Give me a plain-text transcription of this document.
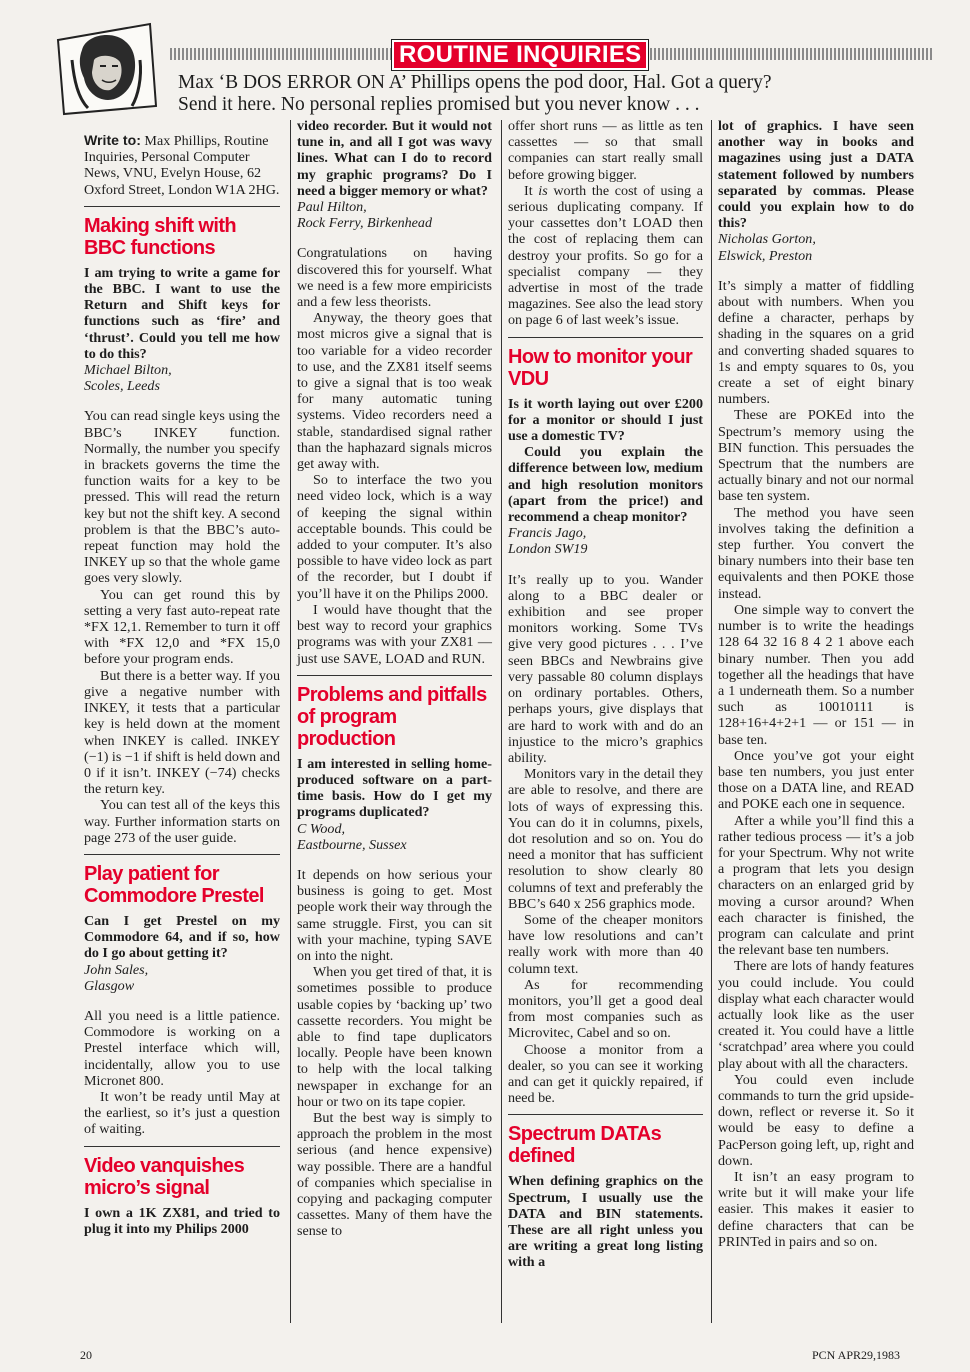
ROUTINE INQUIRIES
Max ‘B DOS ERROR ON A’ Phillips opens the pod door, Hal. Got a query?
Send it here. No personal replies promised but you never know . . .

Write to: Max Phillips, Routine Inquiries, Personal Computer News, VNU, Evelyn House, 62 Oxford Street, London W1A 2HG.

Making shift with BBC functions

I am trying to write a game for the BBC. I want to use the Return and Shift keys for functions such as ‘fire’ and ‘thrust’. Could you tell me how to do this?

Michael Bilton,

Scoles, Leeds

You can read single keys using the BBC’s INKEY function. Normally, the number you specify in brackets governs the time the function waits for a key to be pressed. This will read the return key but not the shift key. A second problem is that the BBC’s auto-repeat function may hold the INKEY up so that the whole game goes very slowly.

You can get round this by setting a very fast auto-repeat rate *FX 12,1. Remember to turn it off with *FX 12,0 and *FX 15,0 before your program ends.

But there is a better way. If you give a negative number with INKEY, it tests that a particular key is held down at the moment when INKEY is called. INKEY (−1) is −1 if shift is held down and 0 if it isn’t. INKEY (−74) checks the return key.

You can test all of the keys this way. Further information starts on page 273 of the user guide.

Play patient for Commodore Prestel

Can I get Prestel on my Commodore 64, and if so, how do I go about getting it?

John Sales,

Glasgow

All you need is a little patience. Commodore is working on a Prestel interface which will, incidentally, allow you to use Micronet 800.

It won’t be ready until May at the earliest, so it’s just a question of waiting.

Video vanquishes micro’s signal

I own a 1K ZX81, and tried to plug it into my Philips 2000

video recorder. But it would not tune in, and all I got was wavy lines. What can I do to record my graphic programs? Do I need a bigger memory or what?

Paul Hilton,

Rock Ferry, Birkenhead

Congratulations on having discovered this for yourself. What we need is a few more empiricists and a few less theorists.

Anyway, the theory goes that most micros give a signal that is too variable for a video recorder to use, and the ZX81 itself seems to give a signal that is too weak for many automatic tuning systems. Video recorders need a stable, standardised signal rather than the haphazard signals micros get away with.

So to interface the two you need video lock, which is a way of keeping the signal within acceptable bounds. This could be added to your computer. It’s also possible to have video lock as part of the recorder, but I doubt if you’ll have it on the Philips 2000.

I would have thought that the best way to record your graphics programs was with your ZX81 — just use SAVE, LOAD and RUN.

Problems and pitfalls of program production

I am interested in selling home-produced software on a part-time basis. How do I get my programs duplicated?

C Wood,

Eastbourne, Sussex

It depends on how serious your business is going to get. Most people work their way through the same struggle. First, you can sit with your machine, typing SAVE on into the night.

When you get tired of that, it is sometimes possible to produce usable copies by ‘backing up’ two cassette recorders. You might be able to find tape duplicators locally. People have been known to help with the local talking newspaper in exchange for an hour or two on its tape copier.

But the best way is simply to approach the problem in the most serious (and hence expensive) way possible. There are a handful of companies which specialise in copying and packaging computer cassettes. Many of them have the sense to

offer short runs — as little as ten cassettes — so that small companies can start really small before growing bigger.

It is worth the cost of using a serious duplicating company. If your cassettes don’t LOAD then the cost of replacing them can destroy your profits. So go for a specialist company — they advertise in most of the trade magazines. See also the lead story on page 6 of last week’s issue.

How to monitor your VDU

Is it worth laying out over £200 for a monitor or should I just use a domestic TV?

Could you explain the difference between low, medium and high resolution monitors (apart from the price!) and recommend a cheap monitor?

Francis Jago,

London SW19

It’s really up to you. Wander along to a BBC dealer or exhibition and see proper monitors working. Some TVs give very good pictures . . . I’ve seen BBCs and Newbrains give very passable 80 column displays on ordinary portables. Others, perhaps yours, give displays that are hard to work with and do an injustice to the micro’s graphics ability.

Monitors vary in the detail they are able to resolve, and there are lots of ways of expressing this. You can do it in columns, pixels, dot resolution and so on. You do need a monitor that has sufficient resolution to show clearly 80 columns of text and preferably the BBC’s 640 x 256 graphics mode.

Some of the cheaper monitors have low resolutions and can’t really work with more than 40 column text.

As for recommending monitors, you’ll get a good deal from most companies such as Microvitec, Cabel and so on.

Choose a monitor from a dealer, so you can see it working and can get it quickly repaired, if need be.

Spectrum DATAs defined

When defining graphics on the Spectrum, I usually use the DATA and BIN statements. These are all right unless you are writing a great long listing with a

lot of graphics. I have seen another way in books and magazines using just a DATA statement followed by numbers separated by commas. Please could you explain how to do this?

Nicholas Gorton,

Elswick, Preston

It’s simply a matter of fiddling about with numbers. When you define a character, perhaps by shading in the squares on a grid and converting shaded squares to 1s and empty squares to 0s, you create a set of eight binary numbers.

These are POKEd into the Spectrum’s memory using the BIN function. This persuades the Spectrum that the numbers are actually binary and not our normal base ten system.

The method you have seen involves taking the definition a step further. You convert the binary numbers into their base ten equivalents and then POKE those instead.

One simple way to convert the number is to write the headings 128 64 32 16 8 4 2 1 above each binary number. Then you add together all the headings that have a 1 underneath them. So a number such as 10010111 is 128+16+4+2+1 — or 151 — in base ten.

Once you’ve got your eight base ten numbers, you just enter those on a DATA line, and READ and POKE each one in sequence.

After a while you’ll find this a rather tedious process — it’s a job for your Spectrum. Why not write a program that lets you design characters on an enlarged grid by moving a cursor around? When each character is finished, the program can calculate and print the relevant base ten numbers.

There are lots of handy features you could include. You could display what each character would actually look like as the user created it. You could have a little ‘scratchpad’ area where you could play about with all the characters.

You could even include commands to turn the grid upside-down, reflect or reverse it. So it would be easy to define a PacPerson going left, up, right and down.

It isn’t an easy program to write but it will make your life easier. This makes it easier to define characters that can be PRINTed in pairs and so on.

20	PCN APR29,1983
